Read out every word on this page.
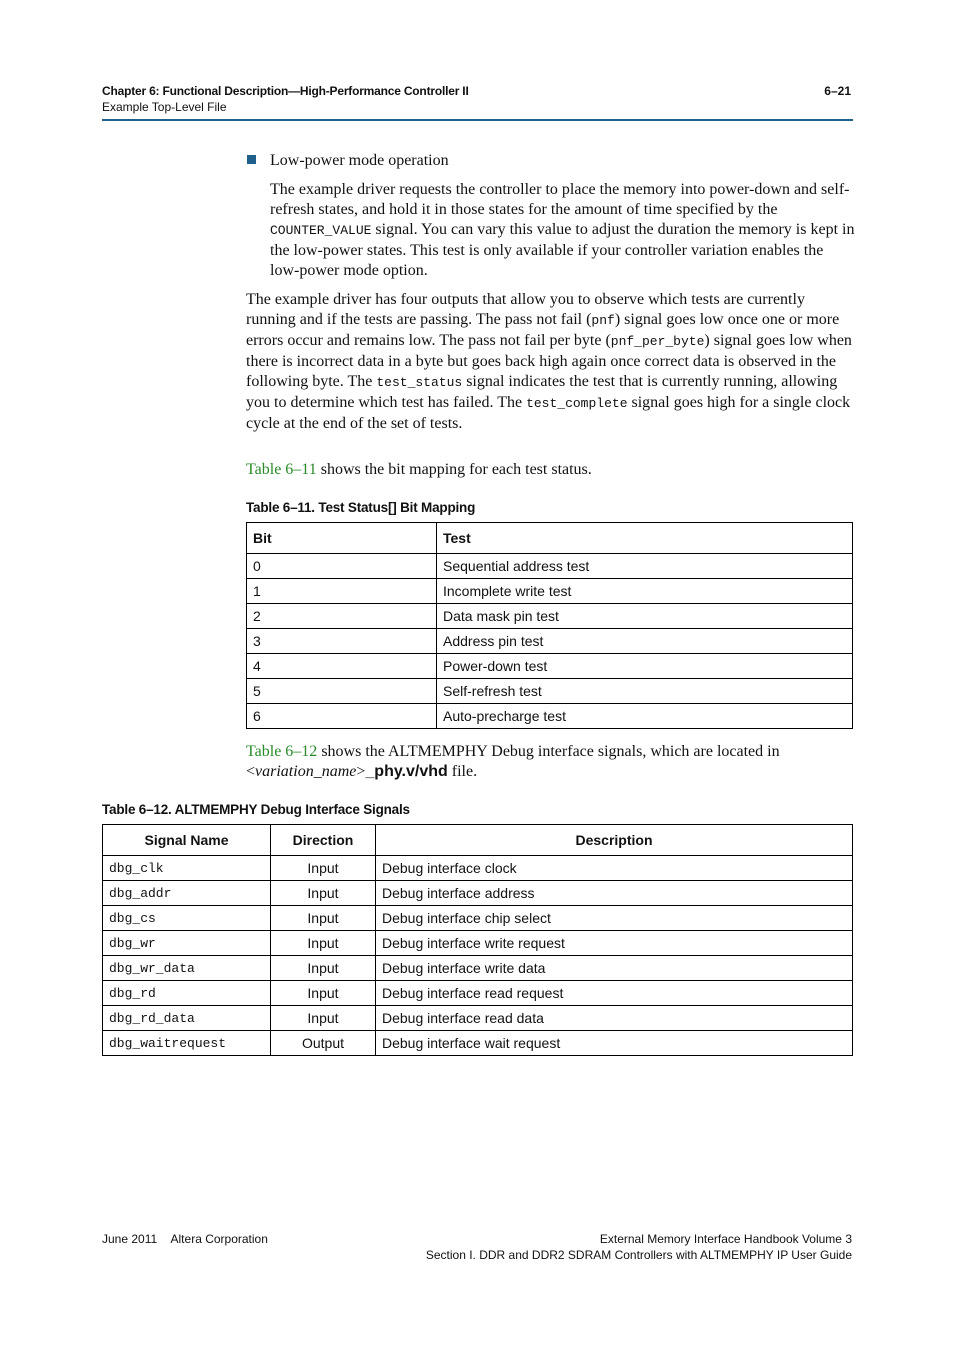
Chapter 6: Functional Description—High-Performance Controller II
Example Top-Level File
6–21
Low-power mode operation
The example driver requests the controller to place the memory into power-down and self-refresh states, and hold it in those states for the amount of time specified by the COUNTER_VALUE signal. You can vary this value to adjust the duration the memory is kept in the low-power states. This test is only available if your controller variation enables the low-power mode option.
The example driver has four outputs that allow you to observe which tests are currently running and if the tests are passing. The pass not fail (pnf) signal goes low once one or more errors occur and remains low. The pass not fail per byte (pnf_per_byte) signal goes low when there is incorrect data in a byte but goes back high again once correct data is observed in the following byte. The test_status signal indicates the test that is currently running, allowing you to determine which test has failed. The test_complete signal goes high for a single clock cycle at the end of the set of tests.
Table 6–11 shows the bit mapping for each test status.
Table 6–11. Test Status[] Bit Mapping
Bit	Test
0	Sequential address test
1	Incomplete write test
2	Data mask pin test
3	Address pin test
4	Power-down test
5	Self-refresh test
6	Auto-precharge test
Table 6–12 shows the ALTMEMPHY Debug interface signals, which are located in <variation_name>_phy.v/vhd file.
Table 6–12. ALTMEMPHY Debug Interface Signals
Signal Name	Direction	Description
dbg_clk	Input	Debug interface clock
dbg_addr	Input	Debug interface address
dbg_cs	Input	Debug interface chip select
dbg_wr	Input	Debug interface write request
dbg_wr_data	Input	Debug interface write data
dbg_rd	Input	Debug interface read request
dbg_rd_data	Input	Debug interface read data
dbg_waitrequest	Output	Debug interface wait request
June 2011 Altera Corporation	External Memory Interface Handbook Volume 3
Section I. DDR and DDR2 SDRAM Controllers with ALTMEMPHY IP User Guide
